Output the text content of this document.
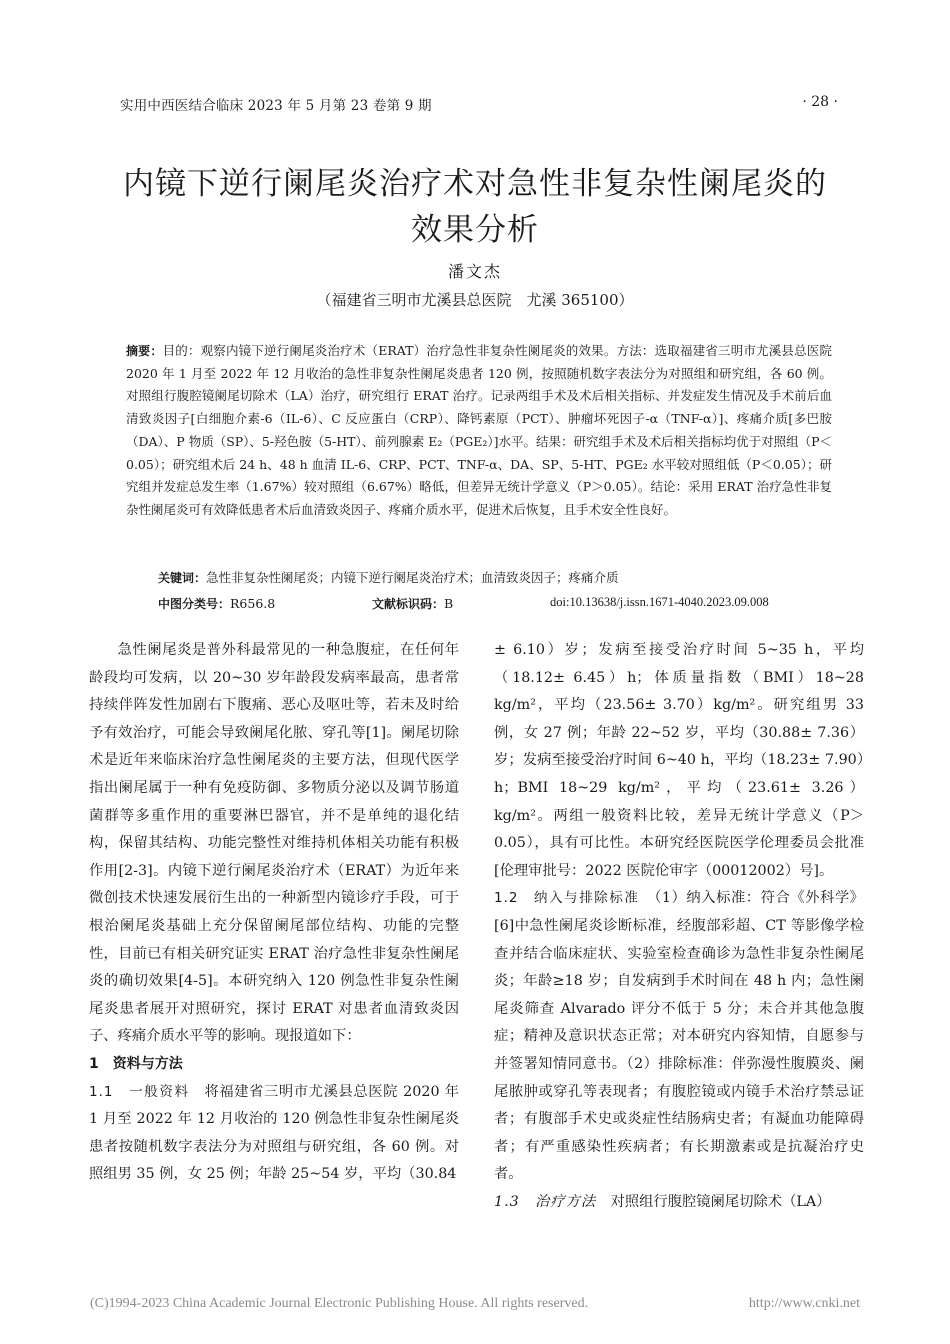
实用中西医结合临床 2023 年 5 月第 23 卷第 9 期	· 28 ·
内镜下逆行阑尾炎治疗术对急性非复杂性阑尾炎的
效果分析
潘文杰
（福建省三明市尤溪县总医院　尤溪 365100）
摘要：目的：观察内镜下逆行阑尾炎治疗术（ERAT）治疗急性非复杂性阑尾炎的效果。方法：选取福建省三明市尤溪县总医院 2020 年 1 月至 2022 年 12 月收治的急性非复杂性阑尾炎患者 120 例，按照随机数字表法分为对照组和研究组，各 60 例。对照组行腹腔镜阑尾切除术（LA）治疗，研究组行 ERAT 治疗。记录两组手术及术后相关指标、并发症发生情况及手术前后血清致炎因子[白细胞介素-6（IL-6）、C 反应蛋白（CRP）、降钙素原（PCT）、肿瘤坏死因子-α（TNF-α）]、疼痛介质[多巴胺（DA）、P 物质（SP）、5-羟色胺（5-HT）、前列腺素 E₂（PGE₂）]水平。结果：研究组手术及术后相关指标均优于对照组（P＜0.05）；研究组术后 24 h、48 h 血清 IL-6、CRP、PCT、TNF-α、DA、SP、5-HT、PGE₂ 水平较对照组低（P＜0.05）；研究组并发症总发生率（1.67%）较对照组（6.67%）略低，但差异无统计学意义（P＞0.05）。结论：采用 ERAT 治疗急性非复杂性阑尾炎可有效降低患者术后血清致炎因子、疼痛介质水平，促进术后恢复，且手术安全性良好。
关键词：急性非复杂性阑尾炎；内镜下逆行阑尾炎治疗术；血清致炎因子；疼痛介质
中图分类号：R656.8	文献标识码：B	doi:10.13638/j.issn.1671-4040.2023.09.008

急性阑尾炎是普外科最常见的一种急腹症，在任何年龄段均可发病，以 20~30 岁年龄段发病率最高，患者常持续伴阵发性加剧右下腹痛、恶心及呕吐等，若未及时给予有效治疗，可能会导致阑尾化脓、穿孔等[1]。阑尾切除术是近年来临床治疗急性阑尾炎的主要方法，但现代医学指出阑尾属于一种有免疫防御、多物质分泌以及调节肠道菌群等多重作用的重要淋巴器官，并不是单纯的退化结构，保留其结构、功能完整性对维持机体相关功能有积极作用[2-3]。内镜下逆行阑尾炎治疗术（ERAT）为近年来微创技术快速发展衍生出的一种新型内镜诊疗手段，可于根治阑尾炎基础上充分保留阑尾部位结构、功能的完整性，目前已有相关研究证实 ERAT 治疗急性非复杂性阑尾炎的确切效果[4-5]。本研究纳入 120 例急性非复杂性阑尾炎患者展开对照研究，探讨 ERAT 对患者血清致炎因子、疼痛介质水平等的影响。现报道如下：

1　资料与方法

1.1　一般资料　 将福建省三明市尤溪县总医院 2020 年 1 月至 2022 年 12 月收治的 120 例急性非复杂性阑尾炎患者按随机数字表法分为对照组与研究组，各 60 例。对照组男 35 例，女 25 例；年龄 25~54 岁，平均（30.84

± 6.10）岁；发病至接受治疗时间 5~35 h，平均（18.12± 6.45）h；体质量指数（BMI）18~28 kg/m²，平均（23.56± 3.70）kg/m²。研究组男 33 例，女 27 例；年龄 22~52 岁，平均（30.88± 7.36）岁；发病至接受治疗时间 6~40 h，平均（18.23± 7.90）h；BMI 18~29 kg/m²，平均（23.61± 3.26）kg/m²。两组一般资料比较，差异无统计学意义（P＞0.05），具有可比性。本研究经医院医学伦理委员会批准[伦理审批号：2022 医院伦审字（00012002）号]。

1.2　纳入与排除标准　（1）纳入标准：符合《外科学》[6]中急性阑尾炎诊断标准，经腹部彩超、CT 等影像学检查并结合临床症状、实验室检查确诊为急性非复杂性阑尾炎；年龄≥18 岁；自发病到手术时间在 48 h 内；急性阑尾炎筛查 Alvarado 评分不低于 5 分；未合并其他急腹症；精神及意识状态正常；对本研究内容知情，自愿参与并签署知情同意书。（2）排除标准：伴弥漫性腹膜炎、阑尾脓肿或穿孔等表现者；有腹腔镜或内镜手术治疗禁忌证者；有腹部手术史或炎症性结肠病史者；有凝血功能障碍者；有严重感染性疾病者；有长期激素或是抗凝治疗史者。

1.3　治疗方法　对照组行腹腔镜阑尾切除术（LA）

(C)1994-2023 China Academic Journal Electronic Publishing House. All rights reserved.	http://www.cnki.net
